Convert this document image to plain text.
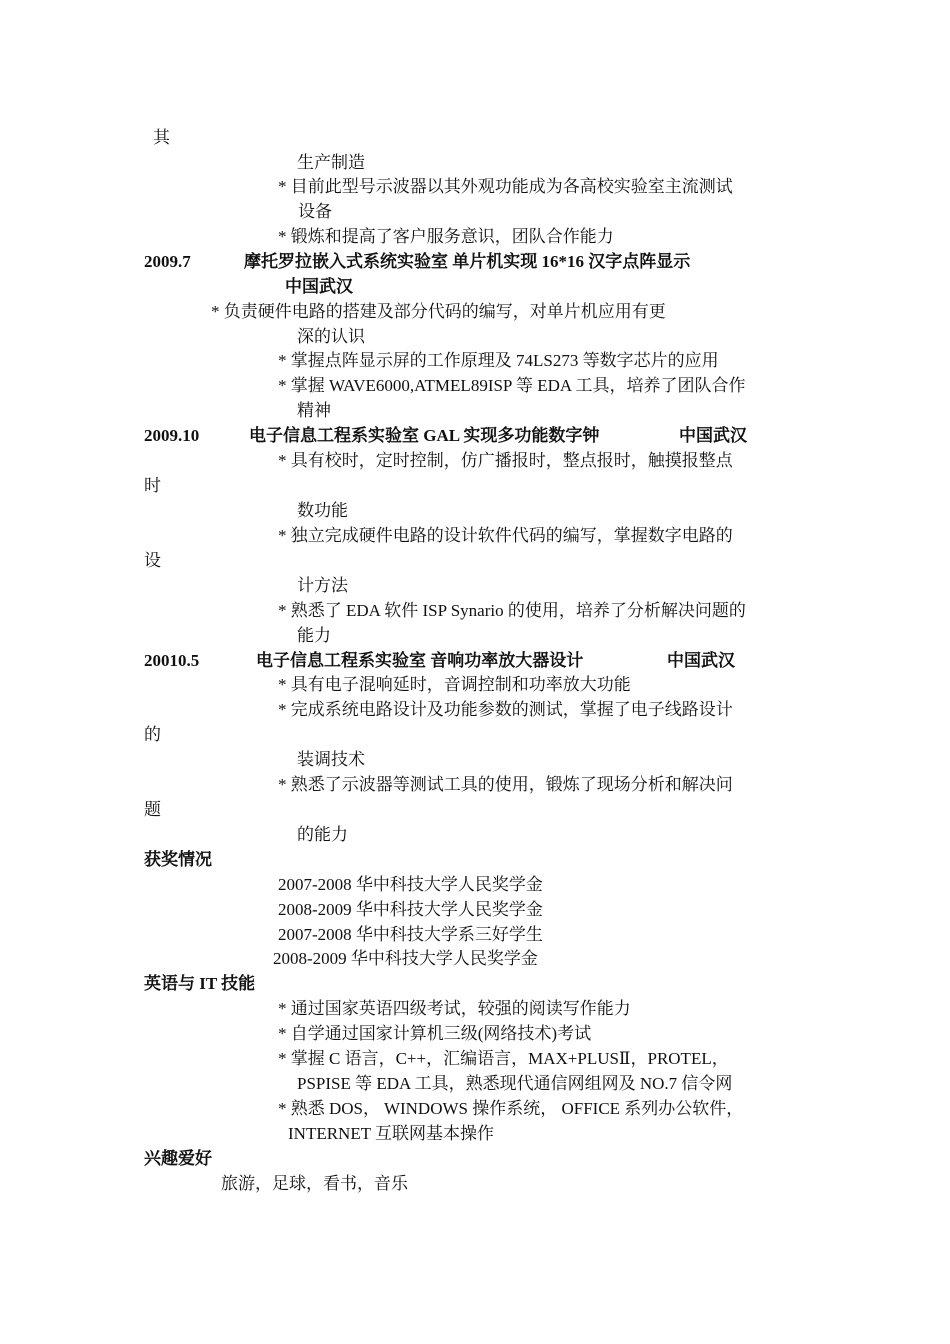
其
生产制造
* 目前此型号示波器以其外观功能成为各高校实验室主流测试
设备
* 锻炼和提高了客户服务意识，团队合作能力
2009.7	摩托罗拉嵌入式系统实验室 单片机实现 16*16 汉字点阵显示
中国武汉
* 负责硬件电路的搭建及部分代码的编写，对单片机应用有更
深的认识
* 掌握点阵显示屏的工作原理及 74LS273 等数字芯片的应用
* 掌握 WAVE6000,ATMEL89ISP 等 EDA 工具，培养了团队合作
精神
2009.10	电子信息工程系实验室 GAL 实现多功能数字钟	中国武汉
* 具有校时，定时控制，仿广播报时，整点报时，触摸报整点
时
数功能
* 独立完成硬件电路的设计软件代码的编写，掌握数字电路的
设
计方法
* 熟悉了 EDA 软件 ISP Synario 的使用，培养了分析解决问题的
能力
20010.5	电子信息工程系实验室 音响功率放大器设计	中国武汉
* 具有电子混响延时，音调控制和功率放大功能
* 完成系统电路设计及功能参数的测试，掌握了电子线路设计
的
装调技术
* 熟悉了示波器等测试工具的使用，锻炼了现场分析和解决问
题
的能力
获奖情况
2007-2008 华中科技大学人民奖学金
2008-2009 华中科技大学人民奖学金
2007-2008 华中科技大学系三好学生
2008-2009 华中科技大学人民奖学金
英语与 IT 技能
* 通过国家英语四级考试，较强的阅读写作能力
* 自学通过国家计算机三级(网络技术)考试
* 掌握 C 语言，C++，汇编语言，MAX+PLUSⅡ，PROTEL，
PSPISE 等 EDA 工具，熟悉现代通信网组网及 NO.7 信令网
* 熟悉 DOS， WINDOWS 操作系统， OFFICE 系列办公软件，
INTERNET 互联网基本操作
兴趣爱好
旅游，足球，看书，音乐
